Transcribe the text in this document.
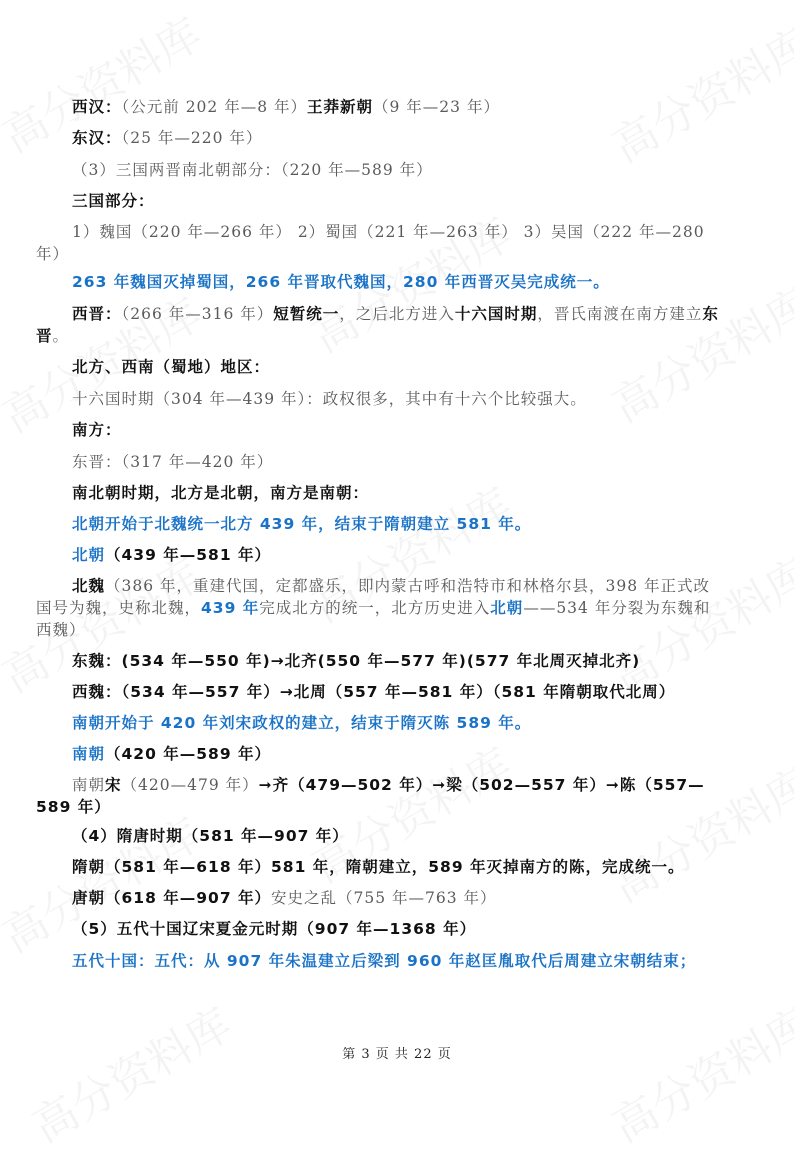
西汉：（公元前 202 年—8 年）王莽新朝（9 年—23 年）
东汉：（25 年—220 年）
（3）三国两晋南北朝部分：（220 年—589 年）
三国部分：
1）魏国（220 年—266 年） 2）蜀国（221 年—263 年） 3）吴国（222 年—280 年）
263 年魏国灭掉蜀国，266 年晋取代魏国，280 年西晋灭吴完成统一。
西晋：（266 年—316 年）短暂统一，之后北方进入十六国时期，晋氏南渡在南方建立东晋。
北方、西南（蜀地）地区：
十六国时期（304 年—439 年）：政权很多，其中有十六个比较强大。
南方：
东晋：（317 年—420 年）
南北朝时期，北方是北朝，南方是南朝：
北朝开始于北魏统一北方 439 年，结束于隋朝建立 581 年。
北朝（439 年—581 年）
北魏（386 年，重建代国，定都盛乐，即内蒙古呼和浩特市和林格尔县，398 年正式改国号为魏，史称北魏，439 年完成北方的统一，北方历史进入北朝——534 年分裂为东魏和西魏）
东魏：(534 年—550 年)→北齐(550 年—577 年)(577 年北周灭掉北齐)
西魏：（534 年—557 年）→北周（557 年—581 年）（581 年隋朝取代北周）
南朝开始于 420 年刘宋政权的建立，结束于隋灭陈 589 年。
南朝（420 年—589 年）
南朝宋（420—479 年）➞齐（479—502 年）➞梁（502—557 年）➞陈（557—589 年）
（4）隋唐时期（581 年—907 年）
隋朝（581 年—618 年）581 年，隋朝建立，589 年灭掉南方的陈，完成统一。
唐朝（618 年—907 年）安史之乱（755 年—763 年）
（5）五代十国辽宋夏金元时期（907 年—1368 年）
五代十国：五代：从 907 年朱温建立后梁到 960 年赵匡胤取代后周建立宋朝结束；
第 3 页 共 22 页
